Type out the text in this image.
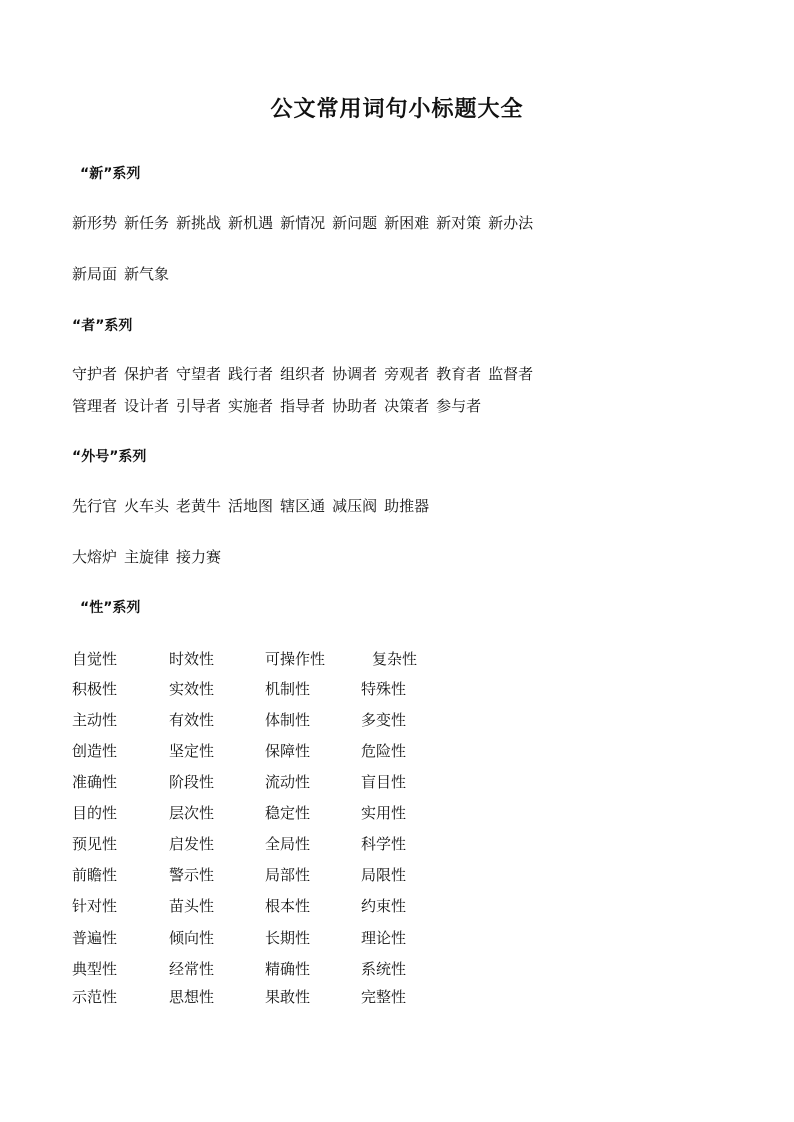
公文常用词句小标题大全
“新”系列
新形势 新任务 新挑战 新机遇 新情况 新问题 新困难 新对策 新办法
新局面 新气象
“者”系列
守护者 保护者 守望者 践行者 组织者 协调者 旁观者 教育者 监督者
管理者 设计者 引导者 实施者 指导者 协助者 决策者 参与者
“外号”系列
先行官 火车头 老黄牛 活地图 辖区通 减压阀 助推器
大熔炉 主旋律 接力赛
“性”系列
自觉性	时效性	可操作性	复杂性
积极性	实效性	机制性	特殊性
主动性	有效性	体制性	多变性
创造性	坚定性	保障性	危险性
准确性	阶段性	流动性	盲目性
目的性	层次性	稳定性	实用性
预见性	启发性	全局性	科学性
前瞻性	警示性	局部性	局限性
针对性	苗头性	根本性	约束性
普遍性	倾向性	长期性	理论性
典型性	经常性	精确性	系统性
示范性	思想性	果敢性	完整性
